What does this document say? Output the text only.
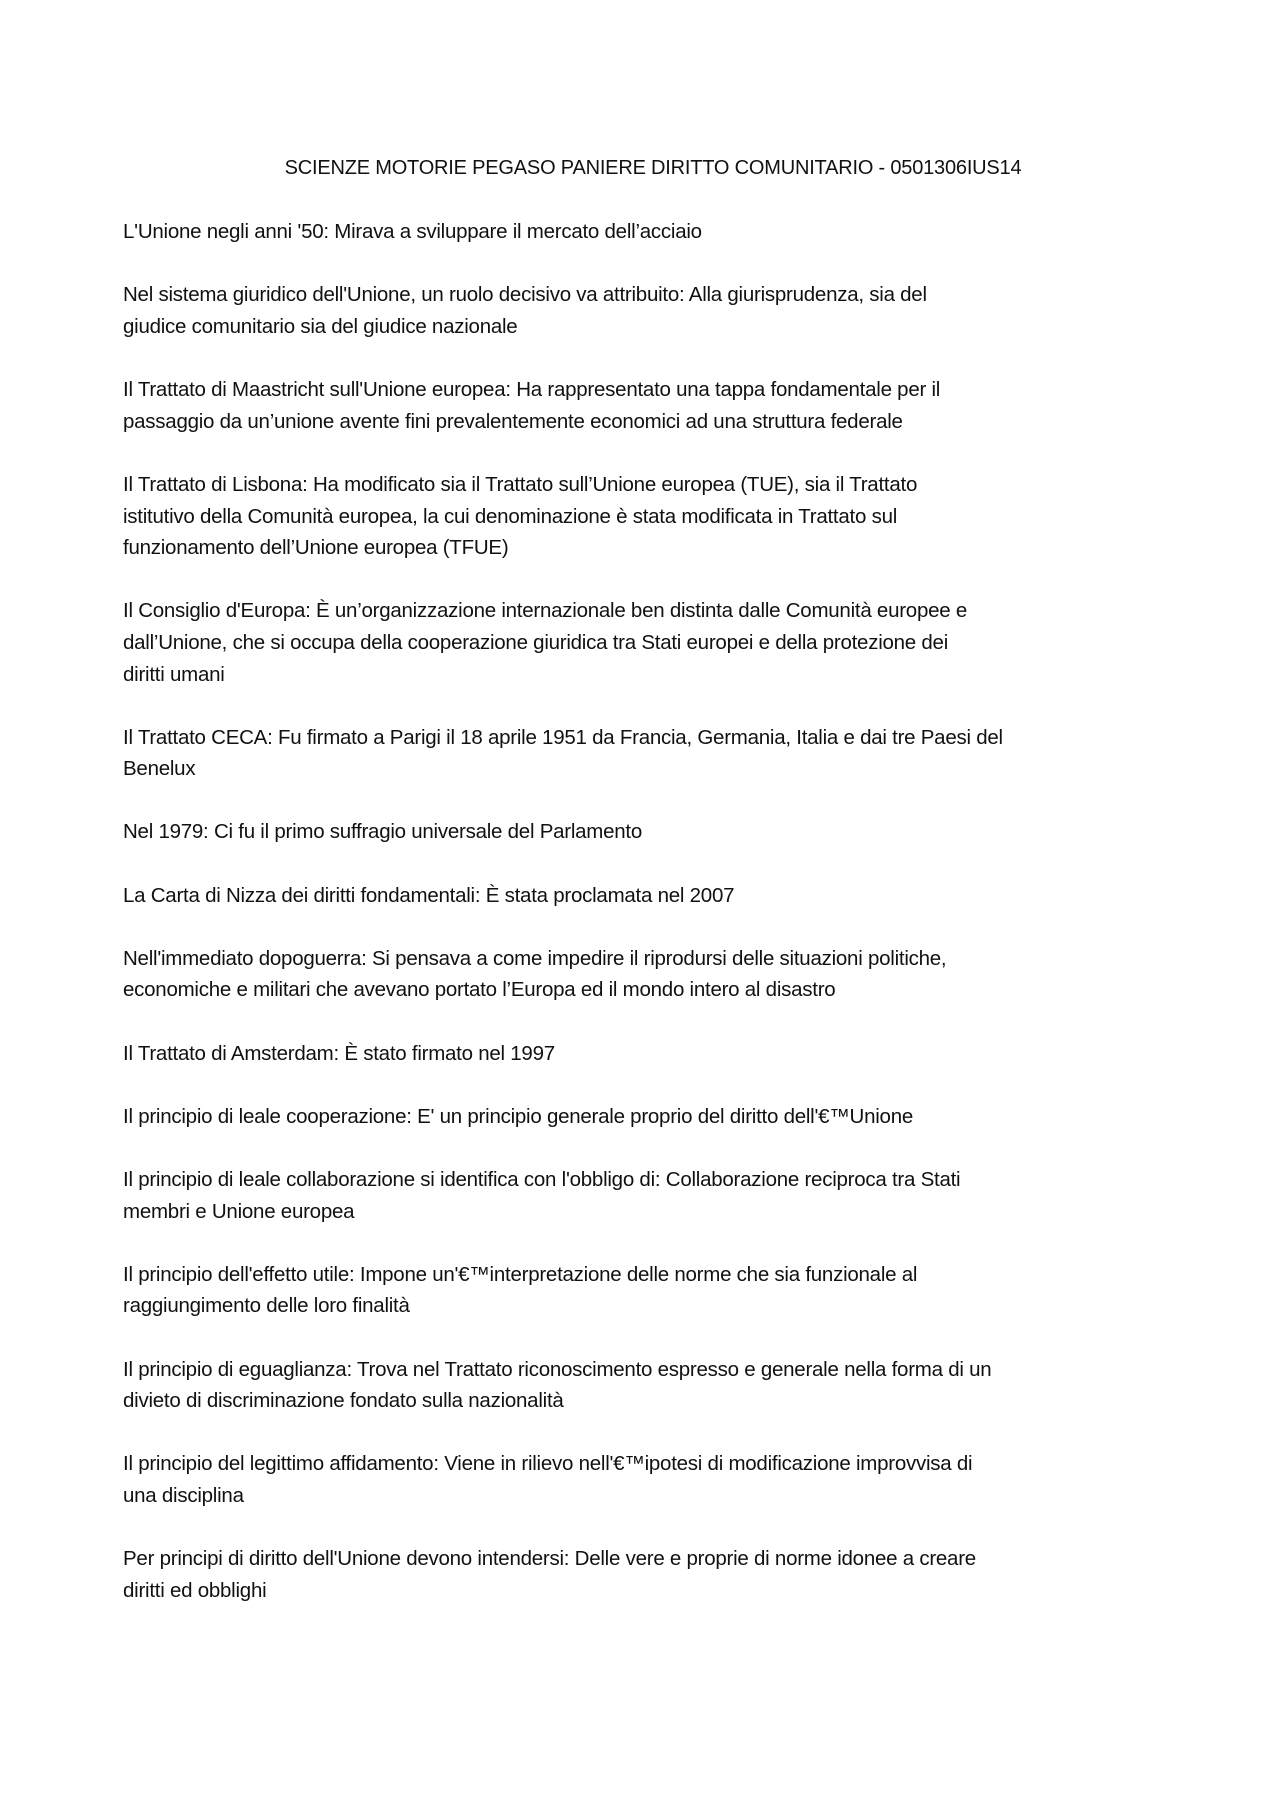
SCIENZE MOTORIE PEGASO PANIERE DIRITTO COMUNITARIO - 0501306IUS14
L'Unione negli anni '50: Mirava a sviluppare il mercato dell’acciaio
Nel sistema giuridico dell'Unione, un ruolo decisivo va attribuito: Alla giurisprudenza, sia del
giudice comunitario sia del giudice nazionale
Il Trattato di Maastricht sull'Unione europea: Ha rappresentato una tappa fondamentale per il
passaggio da un’unione avente fini prevalentemente economici ad una struttura federale
Il Trattato di Lisbona: Ha modificato sia il Trattato sull’Unione europea (TUE), sia il Trattato
istitutivo della Comunità europea, la cui denominazione è stata modificata in Trattato sul
funzionamento dell’Unione europea (TFUE)
Il Consiglio d'Europa: È un’organizzazione internazionale ben distinta dalle Comunità europee e
dall’Unione, che si occupa della cooperazione giuridica tra Stati europei e della protezione dei
diritti umani
Il Trattato CECA: Fu firmato a Parigi il 18 aprile 1951 da Francia, Germania, Italia e dai tre Paesi del
Benelux
Nel 1979: Ci fu il primo suffragio universale del Parlamento
La Carta di Nizza dei diritti fondamentali: È stata proclamata nel 2007
Nell'immediato dopoguerra: Si pensava a come impedire il riprodursi delle situazioni politiche,
economiche e militari che avevano portato l’Europa ed il mondo intero al disastro
Il Trattato di Amsterdam: È stato firmato nel 1997
Il principio di leale cooperazione: E' un principio generale proprio del diritto dell'€™Unione
Il principio di leale collaborazione si identifica con l'obbligo di: Collaborazione reciproca tra Stati
membri e Unione europea
Il principio dell'effetto utile: Impone un'€™interpretazione delle norme che sia funzionale al
raggiungimento delle loro finalità
Il principio di eguaglianza: Trova nel Trattato riconoscimento espresso e generale nella forma di un
divieto di discriminazione fondato sulla nazionalità
Il principio del legittimo affidamento: Viene in rilievo nell'€™ipotesi di modificazione improvvisa di
una disciplina
Per principi di diritto dell'Unione devono intendersi: Delle vere e proprie di norme idonee a creare
diritti ed obblighi
